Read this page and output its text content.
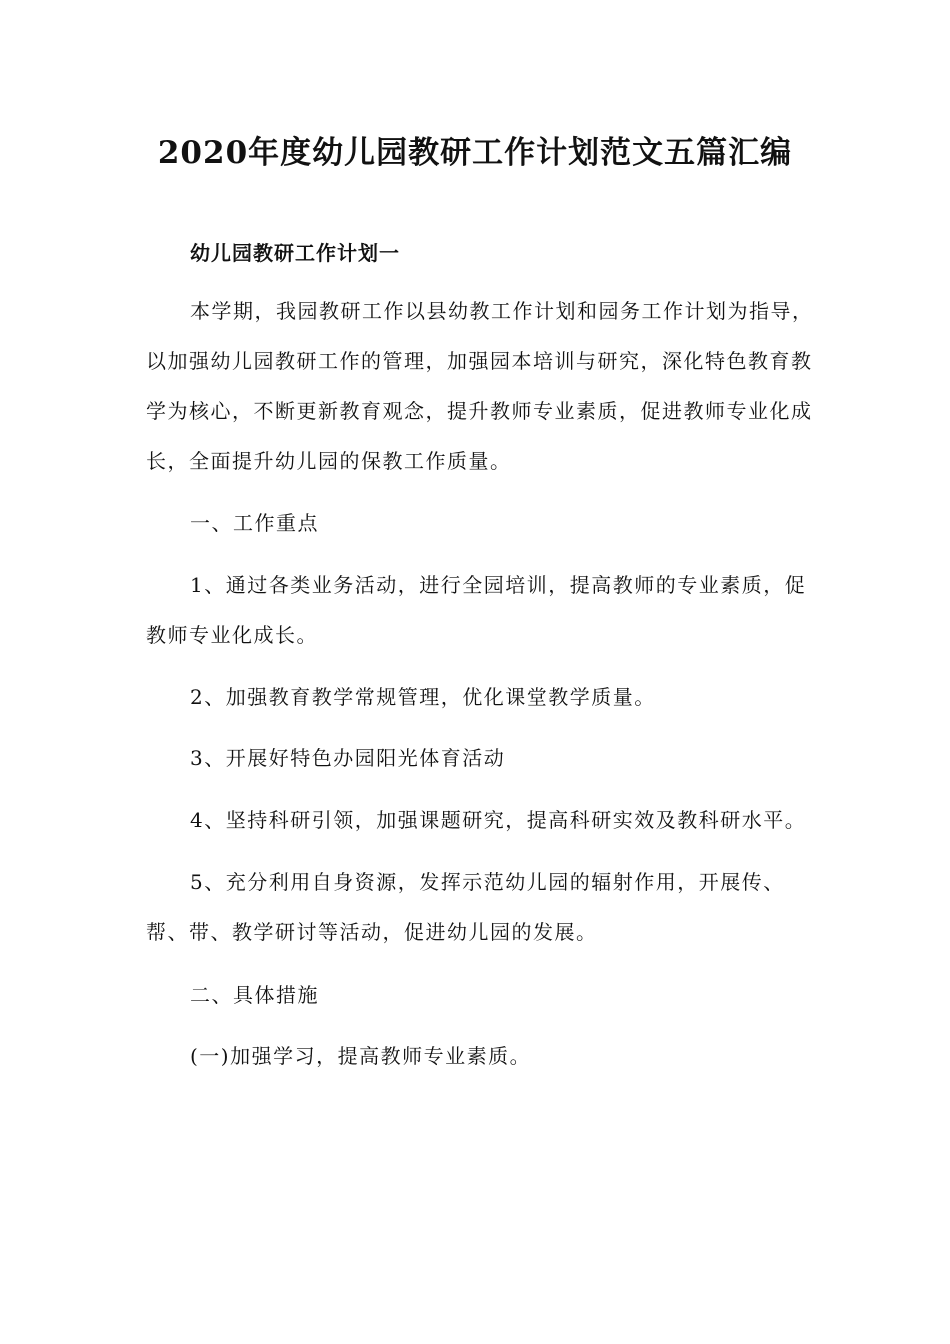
2020年度幼儿园教研工作计划范文五篇汇编
幼儿园教研工作计划一

本学期，我园教研工作以县幼教工作计划和园务工作计划为指导，以加强幼儿园教研工作的管理，加强园本培训与研究，深化特色教育教学为核心，不断更新教育观念，提升教师专业素质，促进教师专业化成长，全面提升幼儿园的保教工作质量。

一、工作重点

1、通过各类业务活动，进行全园培训，提高教师的专业素质，促教师专业化成长。

2、加强教育教学常规管理，优化课堂教学质量。

3、开展好特色办园阳光体育活动

4、坚持科研引领，加强课题研究，提高科研实效及教科研水平。

5、充分利用自身资源，发挥示范幼儿园的辐射作用，开展传、帮、带、教学研讨等活动，促进幼儿园的发展。

二、具体措施

(一)加强学习，提高教师专业素质。
